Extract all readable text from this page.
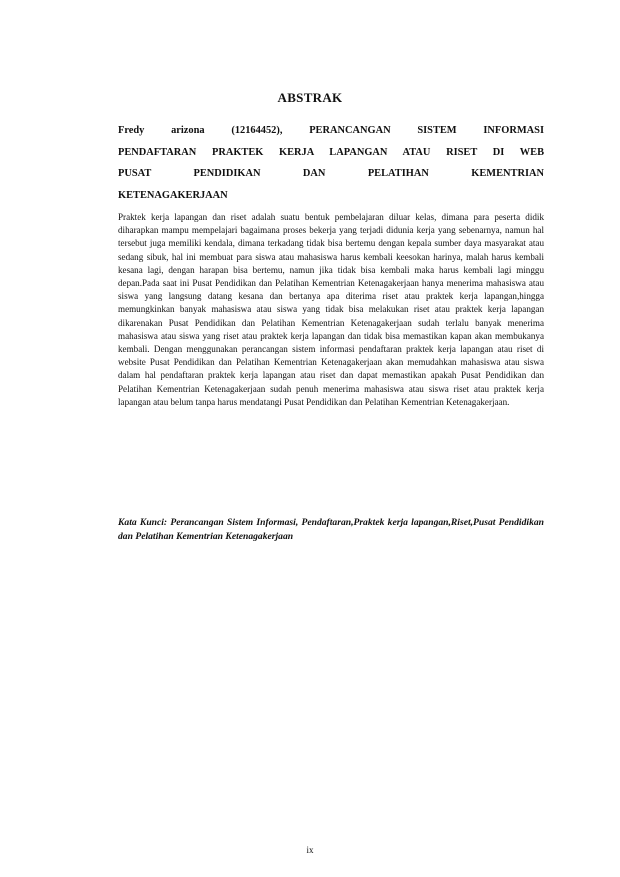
ABSTRAK
Fredy arizona (12164452), PERANCANGAN SISTEM INFORMASI
PENDAFTARAN PRAKTEK KERJA LAPANGAN ATAU RISET DI WEB
PUSAT PENDIDIKAN DAN PELATIHAN KEMENTRIAN
KETENAGAKERJAAN
Praktek kerja lapangan dan riset adalah suatu bentuk pembelajaran diluar kelas, dimana para peserta didik diharapkan mampu mempelajari bagaimana proses bekerja yang terjadi didunia kerja yang sebenarnya, namun hal tersebut juga memiliki kendala, dimana terkadang tidak bisa bertemu dengan kepala sumber daya masyarakat atau sedang sibuk, hal ini membuat para siswa atau mahasiswa harus kembali keesokan harinya, malah harus kembali kesana lagi, dengan harapan bisa bertemu, namun jika tidak bisa kembali maka harus kembali lagi minggu depan.Pada saat ini Pusat Pendidikan dan Pelatihan Kementrian Ketenagakerjaan hanya menerima mahasiswa atau siswa yang langsung datang kesana dan bertanya apa diterima riset atau praktek kerja lapangan,hingga memungkinkan banyak mahasiswa atau siswa yang tidak bisa melakukan riset atau praktek kerja lapangan dikarenakan Pusat Pendidikan dan Pelatihan Kementrian Ketenagakerjaan sudah terlalu banyak menerima mahasiswa atau siswa yang riset atau praktek kerja lapangan dan tidak bisa memastikan kapan akan membukanya kembali. Dengan menggunakan perancangan sistem informasi pendaftaran praktek kerja lapangan atau riset di website Pusat Pendidikan dan Pelatihan Kementrian Ketenagakerjaan akan memudahkan mahasiswa atau siswa dalam hal pendaftaran praktek kerja lapangan atau riset dan dapat memastikan apakah Pusat Pendidikan dan Pelatihan Kementrian Ketenagakerjaan sudah penuh menerima mahasiswa atau siswa riset atau praktek kerja lapangan atau belum tanpa harus mendatangi Pusat Pendidikan dan Pelatihan Kementrian Ketenagakerjaan.
Kata Kunci: Perancangan Sistem Informasi, Pendaftaran,Praktek kerja lapangan,Riset,Pusat Pendidikan dan Pelatihan Kementrian Ketenagakerjaan
ix
